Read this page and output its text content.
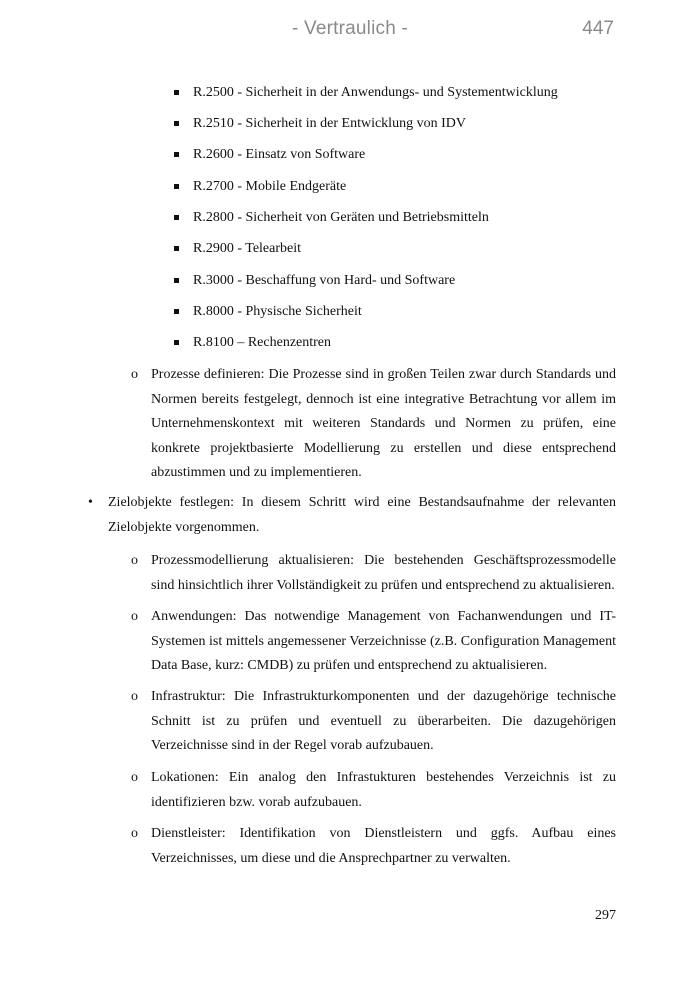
- Vertraulich -	447
R.2500 - Sicherheit in der Anwendungs- und Systementwicklung
R.2510 - Sicherheit in der Entwicklung von IDV
R.2600 - Einsatz von Software
R.2700 - Mobile Endgeräte
R.2800 - Sicherheit von Geräten und Betriebsmitteln
R.2900 - Telearbeit
R.3000 - Beschaffung von Hard- und Software
R.8000 - Physische Sicherheit
R.8100 – Rechenzentren
o Prozesse definieren: Die Prozesse sind in großen Teilen zwar durch Standards und Normen bereits festgelegt, dennoch ist eine integrative Betrachtung vor allem im Unternehmenskontext mit weiteren Standards und Normen zu prüfen, eine konkrete projektbasierte Modellierung zu erstellen und diese entsprechend abzustimmen und zu implementieren.
• Zielobjekte festlegen: In diesem Schritt wird eine Bestandsaufnahme der relevanten Zielobjekte vorgenommen.
o Prozessmodellierung aktualisieren: Die bestehenden Geschäftsprozessmodelle sind hinsichtlich ihrer Vollständigkeit zu prüfen und entsprechend zu aktualisieren.
o Anwendungen: Das notwendige Management von Fachanwendungen und IT-Systemen ist mittels angemessener Verzeichnisse (z.B. Configuration Management Data Base, kurz: CMDB) zu prüfen und entsprechend zu aktualisieren.
o Infrastruktur: Die Infrastrukturkomponenten und der dazugehörige technische Schnitt ist zu prüfen und eventuell zu überarbeiten. Die dazugehörigen Verzeichnisse sind in der Regel vorab aufzubauen.
o Lokationen: Ein analog den Infrastukturen bestehendes Verzeichnis ist zu identifizieren bzw. vorab aufzubauen.
o Dienstleister: Identifikation von Dienstleistern und ggfs. Aufbau eines Verzeichnisses, um diese und die Ansprechpartner zu verwalten.
297
